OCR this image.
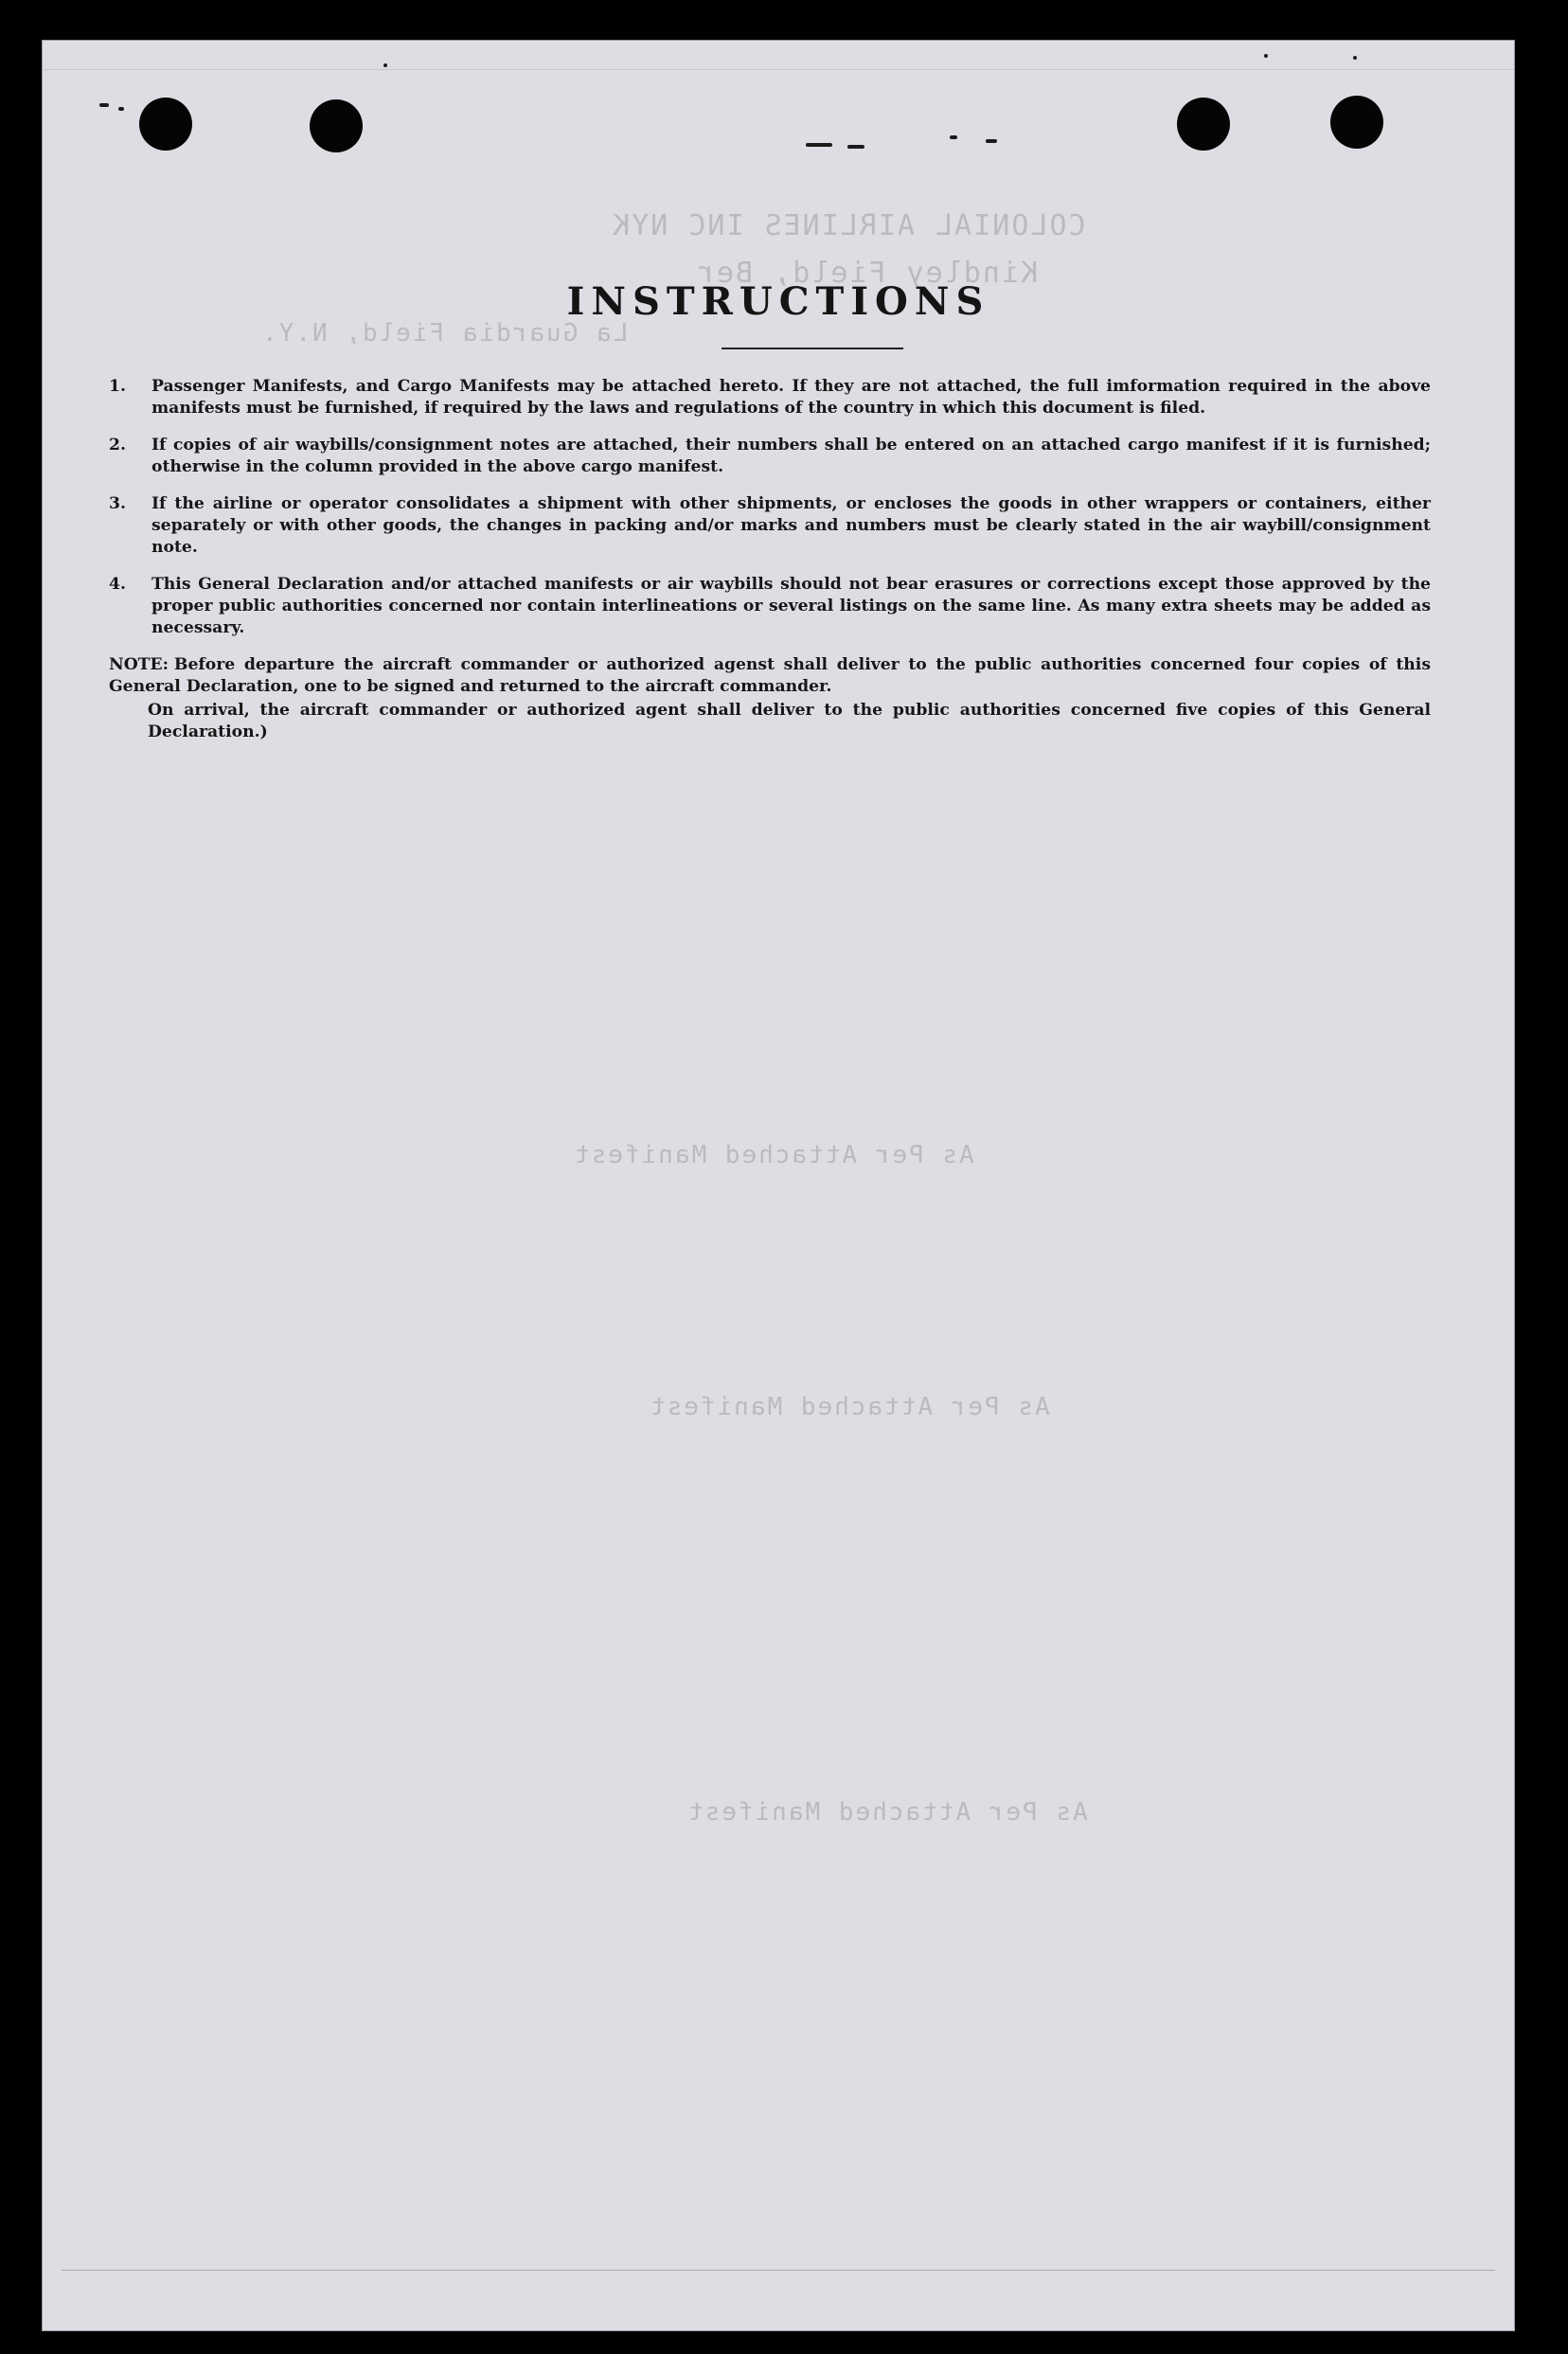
COLONIAL AIRLINES INC NYK
Kindley Field, Ber
La Guardia Field, N.Y.
As Per Attached Manifest
As Per Attached Manifest
As Per Attached Manifest
INSTRUCTIONS
1.	Passenger Manifests, and Cargo Manifests may be attached hereto. If they are not attached, the full imformation required in the above manifests must be furnished, if required by the laws and regulations of the country in which this document is filed.
2.	If copies of air waybills/consignment notes are attached, their numbers shall be entered on an attached cargo manifest if it is furnished; otherwise in the column provided in the above cargo manifest.
3.	If the airline or operator consolidates a shipment with other shipments, or encloses the goods in other wrappers or containers, either separately or with other goods, the changes in packing and/or marks and numbers must be clearly stated in the air waybill/consignment note.
4.	This General Declaration and/or attached manifests or air waybills should not bear erasures or corrections except those approved by the proper public authorities concerned nor contain interlineations or several listings on the same line. As many extra sheets may be added as necessary.
NOTE: Before departure the aircraft commander or authorized agenst shall deliver to the public authorities concerned four copies of this General Declaration, one to be signed and returned to the aircraft commander.
On arrival, the aircraft commander or authorized agent shall deliver to the public authorities concerned five copies of this General Declaration.)
